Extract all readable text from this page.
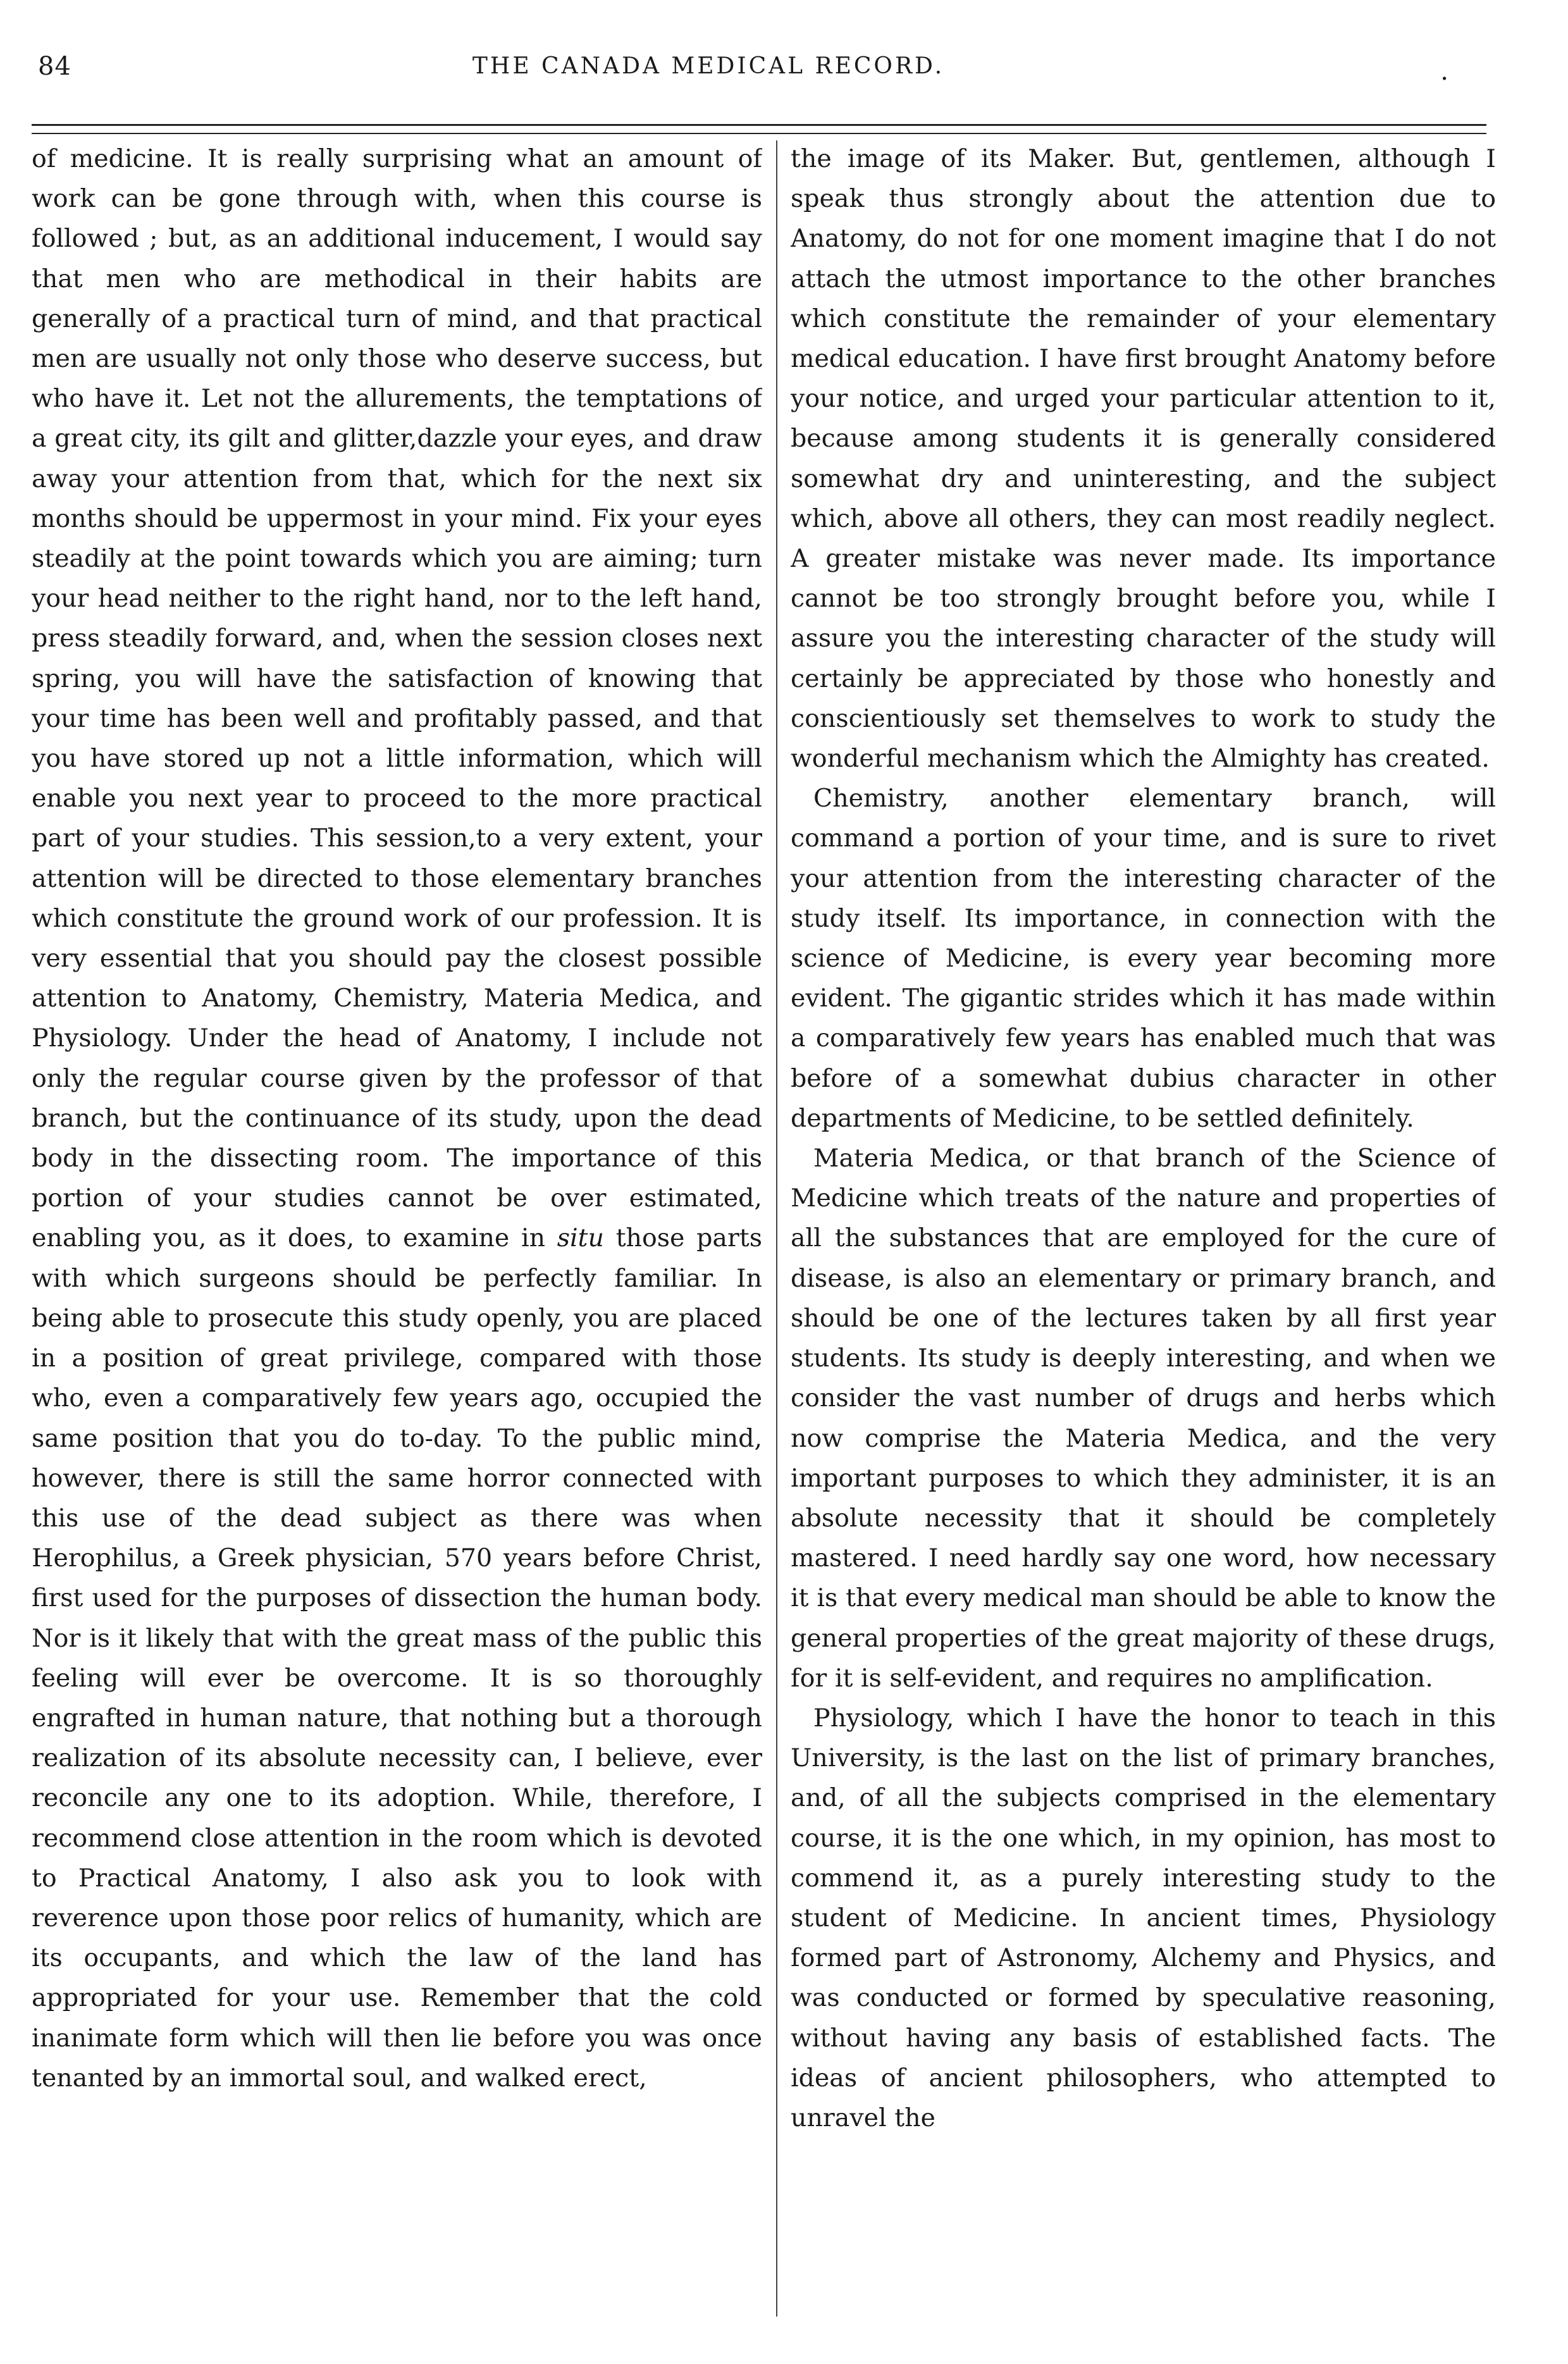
84	THE CANADA MEDICAL RECORD.	.

of medicine. It is really surprising what an amount of work can be gone through with, when this course is followed ; but, as an additional inducement, I would say that men who are methodical in their habits are generally of a practical turn of mind, and that practical men are usually not only those who deserve success, but who have it. Let not the allurements, the temptations of a great city, its gilt and glitter,dazzle your eyes, and draw away your attention from that, which for the next six months should be uppermost in your mind. Fix your eyes steadily at the point towards which you are aiming; turn your head neither to the right hand, nor to the left hand, press steadily forward, and, when the session closes next spring, you will have the satisfaction of knowing that your time has been well and profitably passed, and that you have stored up not a little information, which will enable you next year to proceed to the more practical part of your studies. This session,to a very extent, your attention will be directed to those elementary branches which constitute the ground work of our profession. It is very essential that you should pay the closest possible attention to Anatomy, Chemistry, Materia Medica, and Physiology. Under the head of Anatomy, I include not only the regular course given by the professor of that branch, but the continuance of its study, upon the dead body in the dissecting room. The importance of this portion of your studies cannot be over estimated, enabling you, as it does, to examine in situ those parts with which surgeons should be perfectly familiar. In being able to prosecute this study openly, you are placed in a position of great privilege, compared with those who, even a comparatively few years ago, occupied the same position that you do to-day. To the public mind, however, there is still the same horror connected with this use of the dead subject as there was when Herophilus, a Greek physician, 570 years before Christ, first used for the purposes of dissection the human body. Nor is it likely that with the great mass of the public this feeling will ever be overcome. It is so thoroughly engrafted in human nature, that nothing but a thorough realization of its absolute necessity can, I believe, ever reconcile any one to its adoption. While, therefore, I recommend close attention in the room which is devoted to Practical Anatomy, I also ask you to look with reverence upon those poor relics of humanity, which are its occupants, and which the law of the land has appropriated for your use. Remember that the cold inanimate form which will then lie before you was once tenanted by an immortal soul, and walked erect,

the image of its Maker. But, gentlemen, although I speak thus strongly about the attention due to Anatomy, do not for one moment imagine that I do not attach the utmost importance to the other branches which constitute the remainder of your elementary medical education. I have first brought Anatomy before your notice, and urged your particular attention to it, because among students it is generally considered somewhat dry and uninteresting, and the subject which, above all others, they can most readily neglect. A greater mistake was never made. Its importance cannot be too strongly brought before you, while I assure you the interesting character of the study will certainly be appreciated by those who honestly and conscientiously set themselves to work to study the wonderful mechanism which the Almighty has created.

Chemistry, another elementary branch, will command a portion of your time, and is sure to rivet your attention from the interesting character of the study itself. Its importance, in connection with the science of Medicine, is every year becoming more evident. The gigantic strides which it has made within a comparatively few years has enabled much that was before of a somewhat dubius character in other departments of Medicine, to be settled definitely.

Materia Medica, or that branch of the Science of Medicine which treats of the nature and properties of all the substances that are employed for the cure of disease, is also an elementary or primary branch, and should be one of the lectures taken by all first year students. Its study is deeply interesting, and when we consider the vast number of drugs and herbs which now comprise the Materia Medica, and the very important purposes to which they administer, it is an absolute necessity that it should be completely mastered. I need hardly say one word, how necessary it is that every medical man should be able to know the general properties of the great majority of these drugs, for it is self-evident, and requires no amplification.

Physiology, which I have the honor to teach in this University, is the last on the list of primary branches, and, of all the subjects comprised in the elementary course, it is the one which, in my opinion, has most to commend it, as a purely interesting study to the student of Medicine. In ancient times, Physiology formed part of Astronomy, Alchemy and Physics, and was conducted or formed by speculative reasoning, without having any basis of established facts. The ideas of ancient philosophers, who attempted to unravel the
